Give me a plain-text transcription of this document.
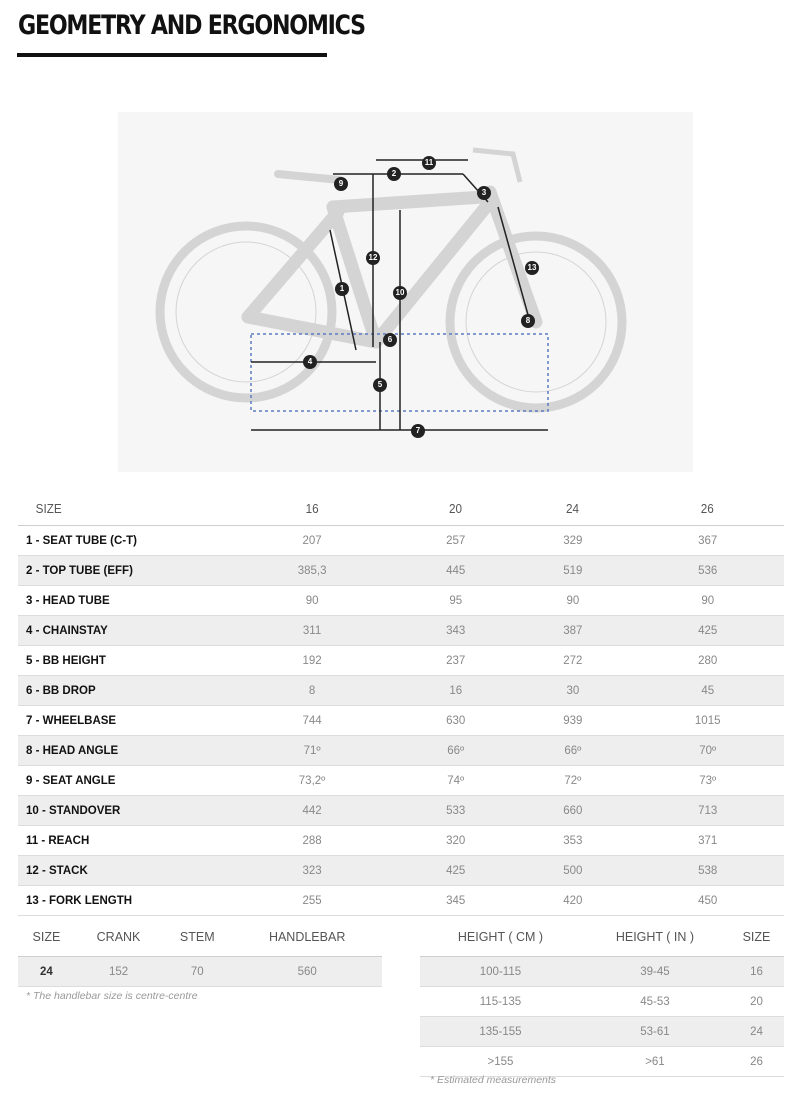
GEOMETRY AND ERGONOMICS
1
2
3
4
5
6
7
8
9
10
11
12
13
SIZE	16	20	24	26
1 - SEAT TUBE (C-T)	207	257	329	367
2 - TOP TUBE (EFF)	385,3	445	519	536
3 - HEAD TUBE	90	95	90	90
4 - CHAINSTAY	311	343	387	425
5 - BB HEIGHT	192	237	272	280
6 - BB DROP	8	16	30	45
7 - WHEELBASE	744	630	939	1015
8 - HEAD ANGLE	71º	66º	66º	70º
9 - SEAT ANGLE	73,2º	74º	72º	73º
10 - STANDOVER	442	533	660	713
11 - REACH	288	320	353	371
12 - STACK	323	425	500	538
13 - FORK LENGTH	255	345	420	450
SIZE	CRANK	STEM	HANDLEBAR
24	152	70	560
* The handlebar size is centre-centre
HEIGHT ( CM )	HEIGHT ( IN )	SIZE
100-115	39-45	16
115-135	45-53	20
135-155	53-61	24
>155	>61	26
* Estimated measurements
